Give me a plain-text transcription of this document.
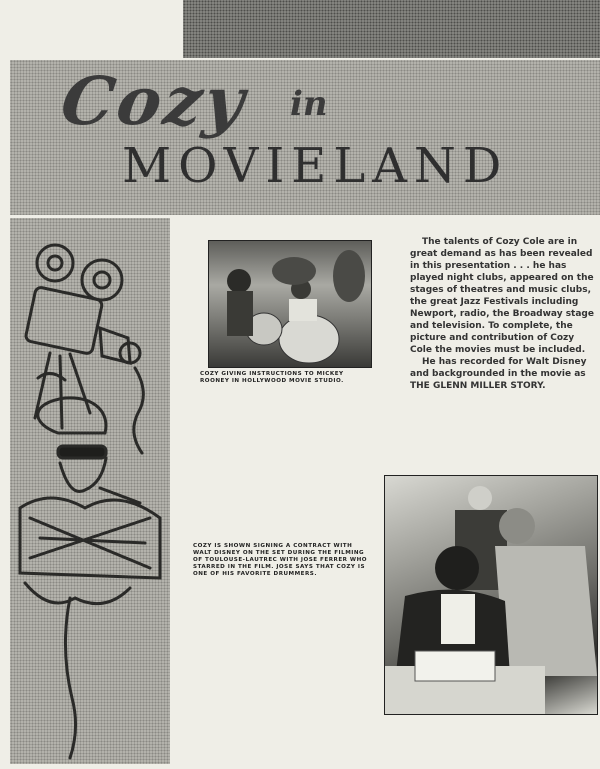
Cozy in
MOVIELAND
COZY GIVING INSTRUCTIONS TO MICKEY ROONEY IN HOLLYWOOD MOVIE STUDIO.

The talents of Cozy Cole are in great demand as has been revealed in this presentation . . . he has played night clubs, appeared on the stages of theatres and music clubs, the great Jazz Festivals including Newport, radio, the Broadway stage and television. To complete, the picture and contribution of Cozy Cole the movies must be included.

He has recorded for Walt Disney and backgrounded in the movie as THE GLENN MILLER STORY.

COZY IS SHOWN SIGNING A CONTRACT WITH WALT DISNEY ON THE SET DURING THE FILMING OF TOULOUSE-LAUTREC WITH JOSE FERRER WHO STARRED IN THE FILM. JOSE SAYS THAT COZY IS ONE OF HIS FAVORITE DRUMMERS.
